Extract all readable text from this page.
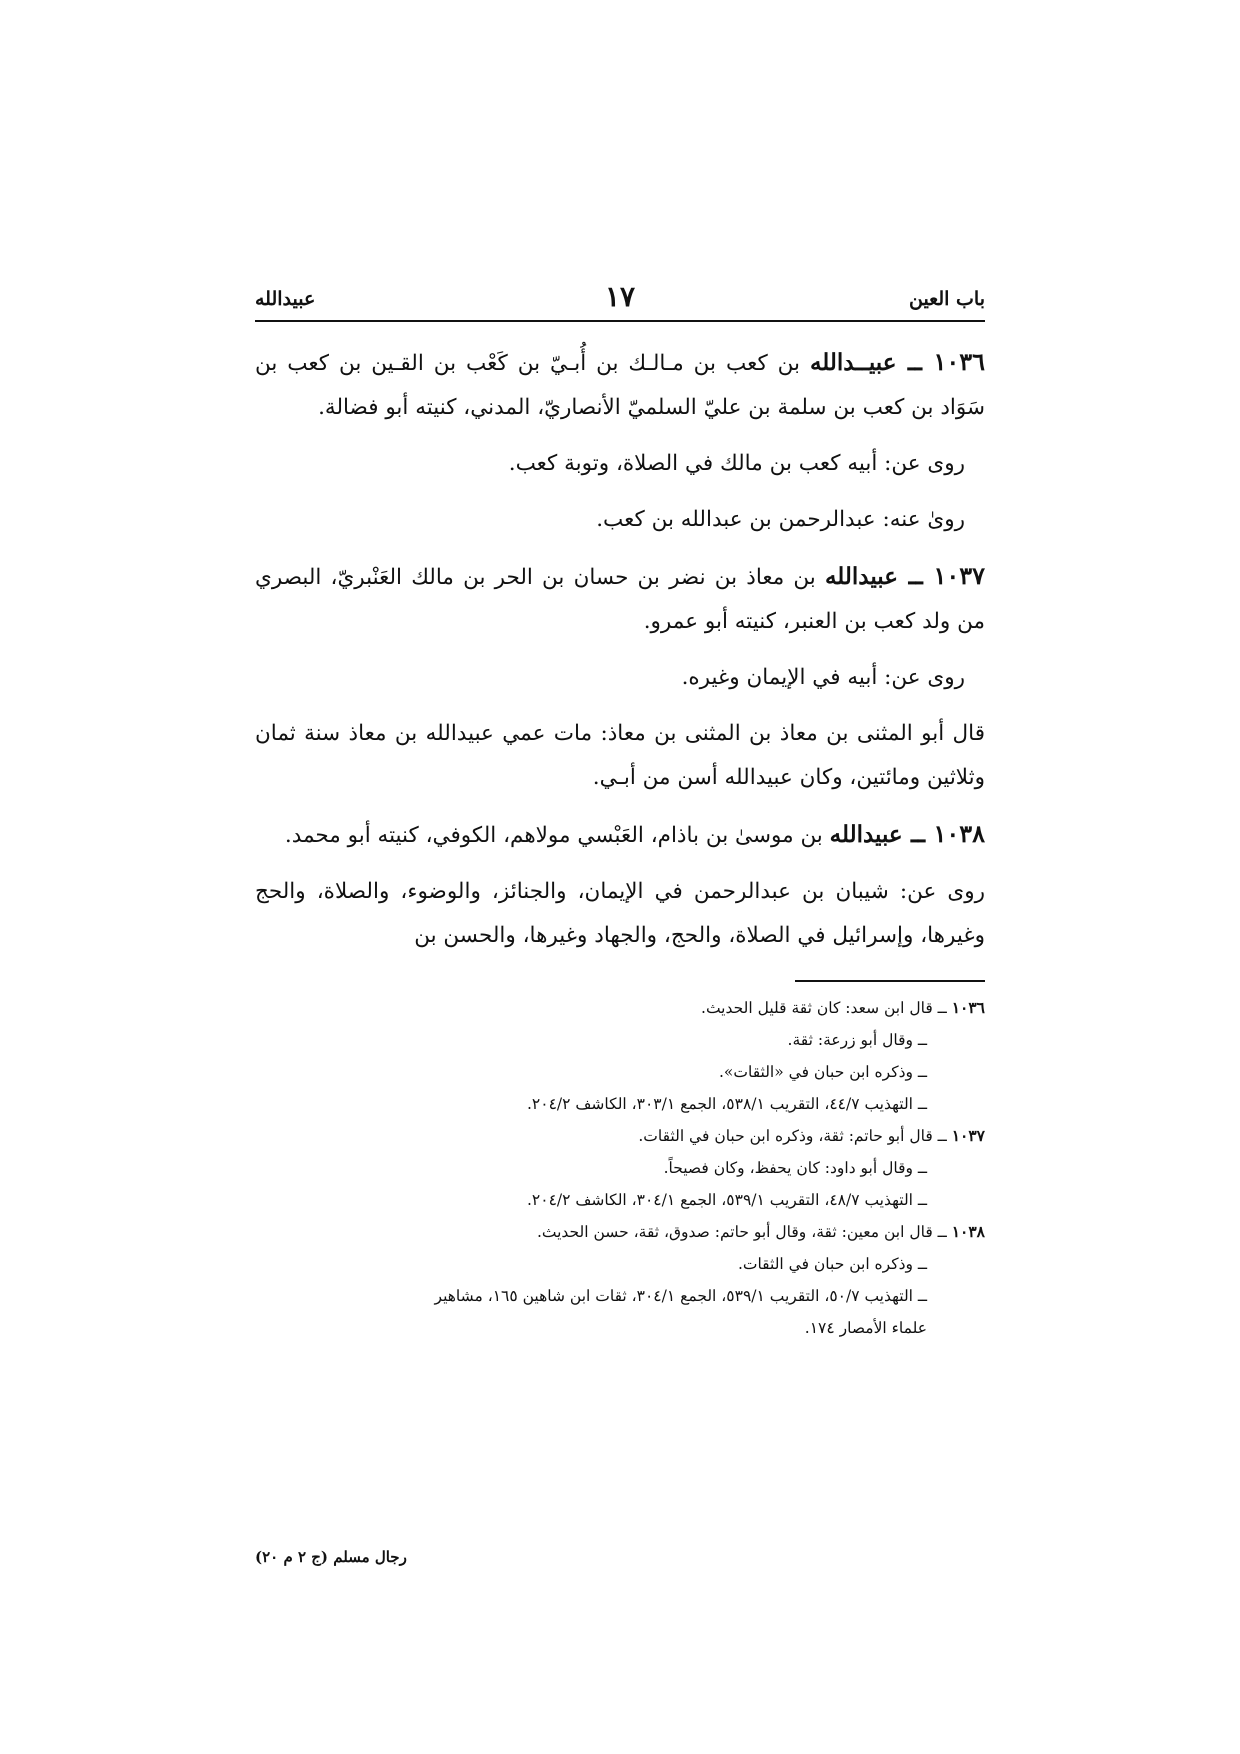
باب العين
١٧
عبيدالله

١٠٣٦ ــ عبيــدالله بن كعب بن مـالـك بن أُبـيّ بن كَعْب بن القـين بن كعب بن سَوَاد بن كعب بن سلمة بن عليّ السلميّ الأنصاريّ، المدني، كنيته أبو فضالة.

روى عن: أبيه كعب بن مالك في الصلاة، وتوبة كعب.

روىٰ عنه: عبدالرحمن بن عبدالله بن كعب.

١٠٣٧ ــ عبيدالله بن معاذ بن نضر بن حسان بن الحر بن مالك العَنْبريّ، البصري من ولد كعب بن العنبر، كنيته أبو عمرو.

روى عن: أبيه في الإيمان وغيره.

قال أبو المثنى بن معاذ بن المثنى بن معاذ: مات عمي عبيدالله بن معاذ سنة ثمان وثلاثين ومائتين، وكان عبيدالله أسن من أبـي.

١٠٣٨ ــ عبيدالله بن موسىٰ بن باذام، العَبْسي مولاهم، الكوفي، كنيته أبو محمد.

روى عن: شيبان بن عبدالرحمن في الإيمان، والجنائز، والوضوء، والصلاة، والحج وغيرها، وإسرائيل في الصلاة، والحج، والجهاد وغيرها، والحسن بن

١٠٣٦ ــ قال ابن سعد: كان ثقة قليل الحديث.

ــ وقال أبو زرعة: ثقة.

ــ وذكره ابن حبان في «الثقات».

ــ التهذيب ٤٤/٧، التقريب ٥٣٨/١، الجمع ٣٠٣/١، الكاشف ٢٠٤/٢.

١٠٣٧ ــ قال أبو حاتم: ثقة، وذكره ابن حبان في الثقات.

ــ وقال أبو داود: كان يحفظ، وكان فصيحاً.

ــ التهذيب ٤٨/٧، التقريب ٥٣٩/١، الجمع ٣٠٤/١، الكاشف ٢٠٤/٢.

١٠٣٨ ــ قال ابن معين: ثقة، وقال أبو حاتم: صدوق، ثقة، حسن الحديث.

ــ وذكره ابن حبان في الثقات.

ــ التهذيب ٥٠/٧، التقريب ٥٣٩/١، الجمع ٣٠٤/١، ثقات ابن شاهين ١٦٥، مشاهير

علماء الأمصار ١٧٤.

رجال مسلم (ج ٢ م ٢٠)
